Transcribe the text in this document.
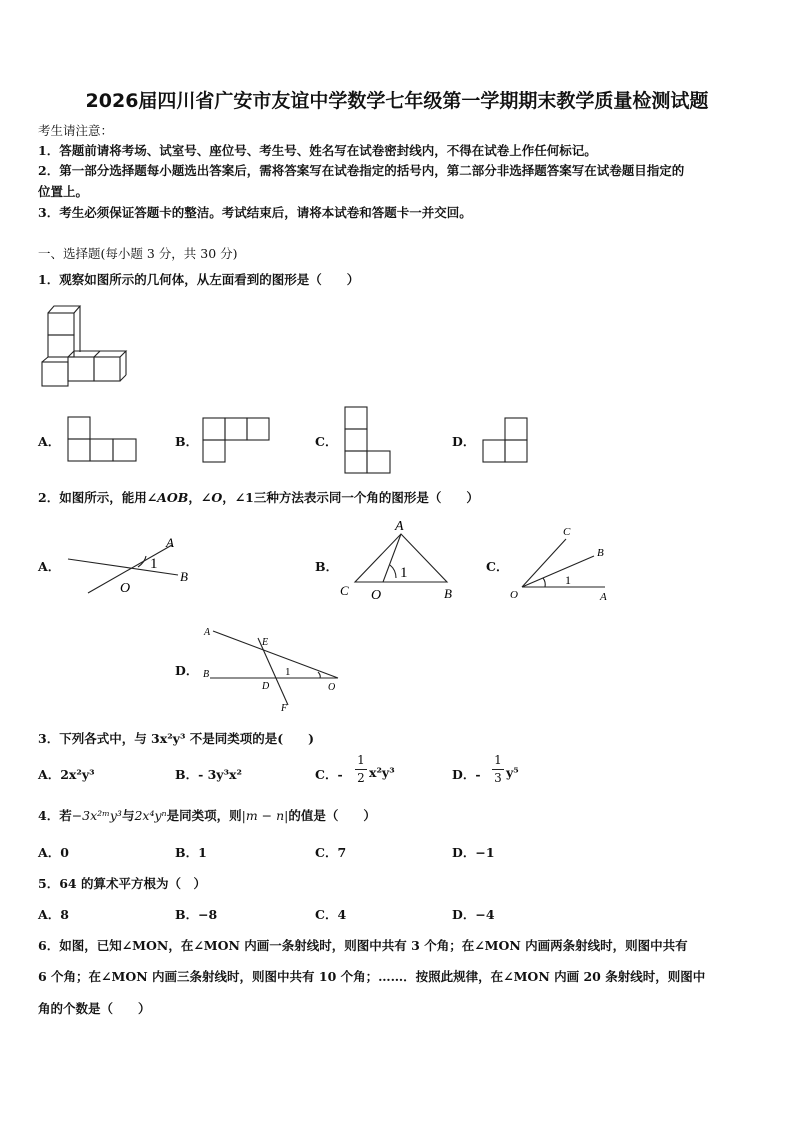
2026届四川省广安市友谊中学数学七年级第一学期期末教学质量检测试题
考生请注意：
1．答题前请将考场、试室号、座位号、考生号、姓名写在试卷密封线内，不得在试卷上作任何标记。
2．第一部分选择题每小题选出答案后，需将答案写在试卷指定的括号内，第二部分非选择题答案写在试卷题目指定的
位置上。
3．考生必须保证答题卡的整洁。考试结束后，请将本试卷和答题卡一并交回。
一、选择题(每小题 3 分，共 30 分)
1．观察如图所示的几何体，从左面看到的图形是（　　）
A．	B．	C．	D．
2．如图所示，能用∠AOB，∠O，∠1三种方法表示同一个角的图形是（　　）
A．
A
1
O
B
B．
A
1
C O	B
C．
C
B
1
O	A
D．
A
E
1
B
D	O
F
3．下列各式中，与 3x²y³ 不是同类项的是(　　)
A．2x²y³	B．- 3y³x²	C．-
1
2 x²y³	D．-
1
3 y⁵
4．若−3x²ᵐy³与2x⁴yⁿ是同类项，则|m − n|的值是（　　）
A．0	B．1	C．7	D．−1
5．64 的算术平方根为（　）
A．8	B．−8	C．4	D．−4
6．如图，已知∠MON，在∠MON 内画一条射线时，则图中共有 3 个角；在∠MON 内画两条射线时，则图中共有
6 个角；在∠MON 内画三条射线时，则图中共有 10 个角；……．按照此规律，在∠MON 内画 20 条射线时，则图中
角的个数是（　　）
